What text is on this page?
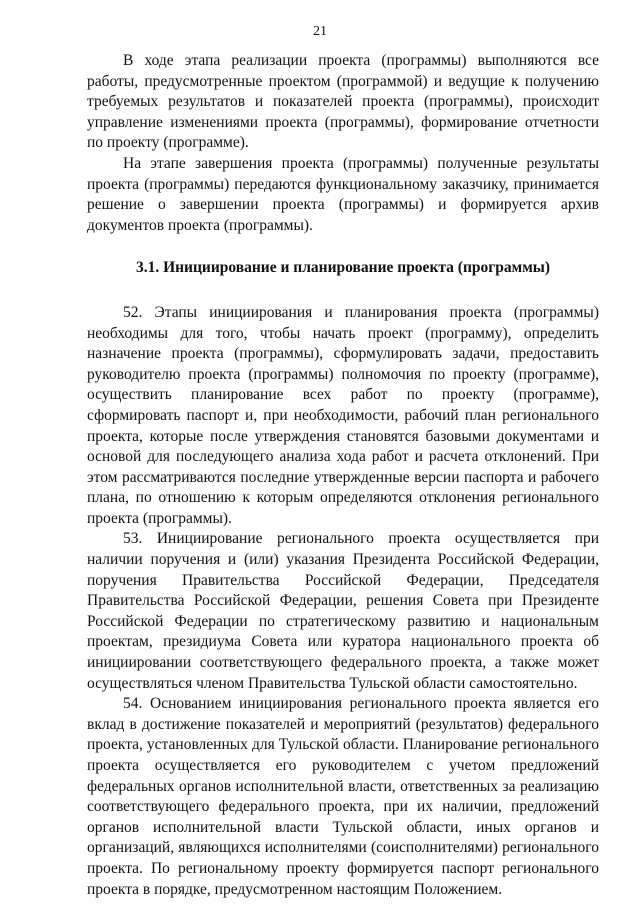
21

В ходе этапа реализации проекта (программы) выполняются все работы, предусмотренные проектом (программой) и ведущие к получению требуемых результатов и показателей проекта (программы), происходит управление изменениями проекта (программы), формирование отчетности по проекту (программе).

На этапе завершения проекта (программы) полученные результаты проекта (программы) передаются функциональному заказчику, принимается решение о завершении проекта (программы) и формируется архив документов проекта (программы).

3.1. Инициирование и планирование проекта (программы)

52. Этапы инициирования и планирования проекта (программы) необходимы для того, чтобы начать проект (программу), определить назначение проекта (программы), сформулировать задачи, предоставить руководителю проекта (программы) полномочия по проекту (программе), осуществить планирование всех работ по проекту (программе), сформировать паспорт и, при необходимости, рабочий план регионального проекта, которые после утверждения становятся базовыми документами и основой для последующего анализа хода работ и расчета отклонений. При этом рассматриваются последние утвержденные версии паспорта и рабочего плана, по отношению к которым определяются отклонения регионального проекта (программы).

53. Инициирование регионального проекта осуществляется при наличии поручения и (или) указания Президента Российской Федерации, поручения Правительства Российской Федерации, Председателя Правительства Российской Федерации, решения Совета при Президенте Российской Федерации по стратегическому развитию и национальным проектам, президиума Совета или куратора национального проекта об инициировании соответствующего федерального проекта, а также может осуществляться членом Правительства Тульской области самостоятельно.

54. Основанием инициирования регионального проекта является его вклад в достижение показателей и мероприятий (результатов) федерального проекта, установленных для Тульской области. Планирование регионального проекта осуществляется его руководителем с учетом предложений федеральных органов исполнительной власти, ответственных за реализацию соответствующего федерального проекта, при их наличии, предложений органов исполнительной власти Тульской области, иных органов и организаций, являющихся исполнителями (соисполнителями) регионального проекта. По региональному проекту формируется паспорт регионального проекта в порядке, предусмотренном настоящим Положением.
